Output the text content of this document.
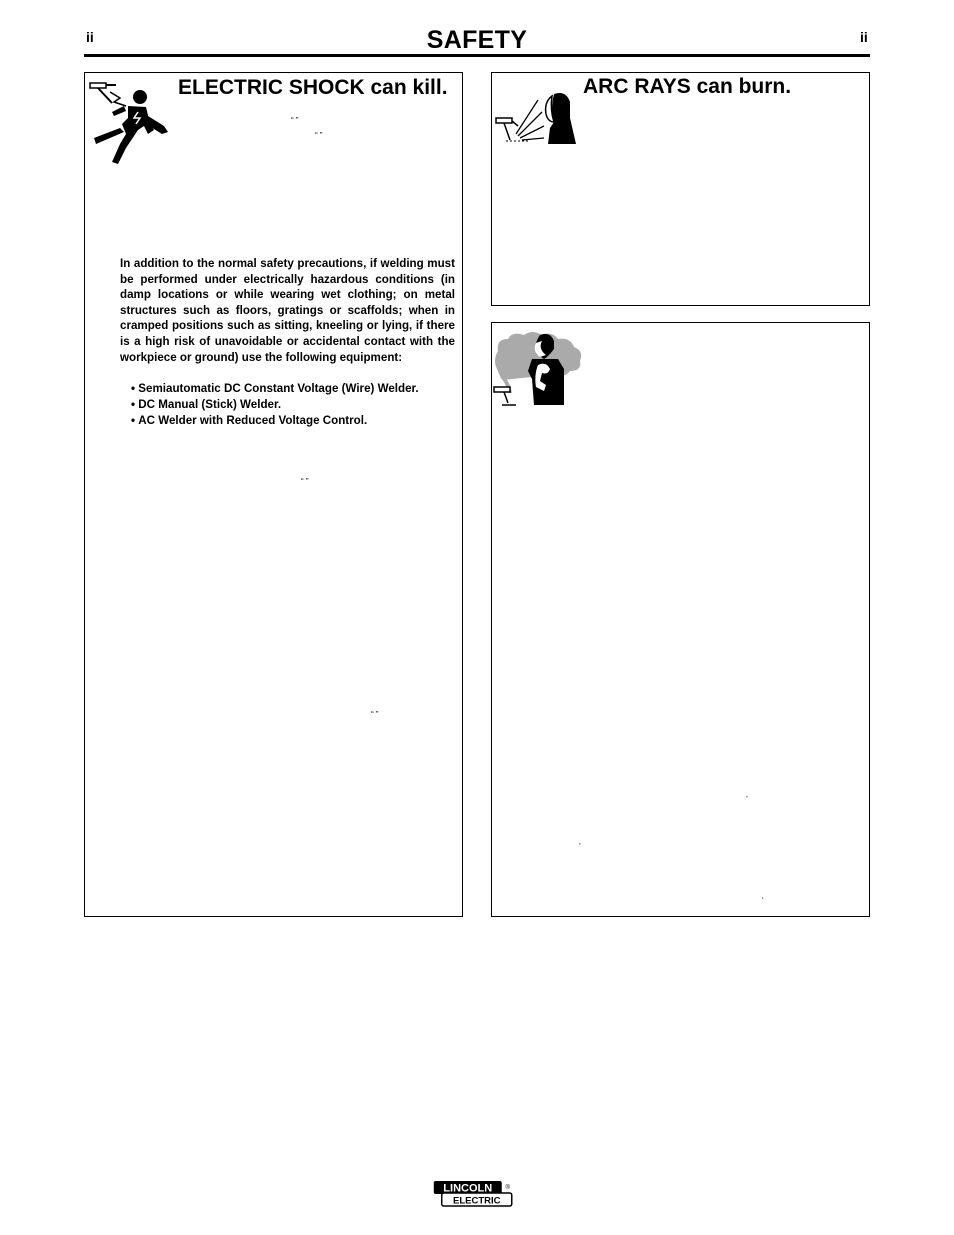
ii	SAFETY	ii
ELECTRIC SHOCK can kill.
“ ”
“ ”

In addition to the normal safety precautions, if welding must be performed under electrically hazardous conditions (in damp locations or while wearing wet clothing; on metal structures such as floors, gratings or scaffolds; when in cramped positions such as sitting, kneeling or lying, if there is a high risk of unavoidable or accidental contact with the workpiece or ground) use the following equipment:

• Semiautomatic DC Constant Voltage (Wire) Welder.
• DC Manual (Stick) Welder.
• AC Welder with Reduced Voltage Control.
“ ”
“ ”
ARC RAYS can burn.
’
’
‘
LINCOLN
ELECTRIC
®
